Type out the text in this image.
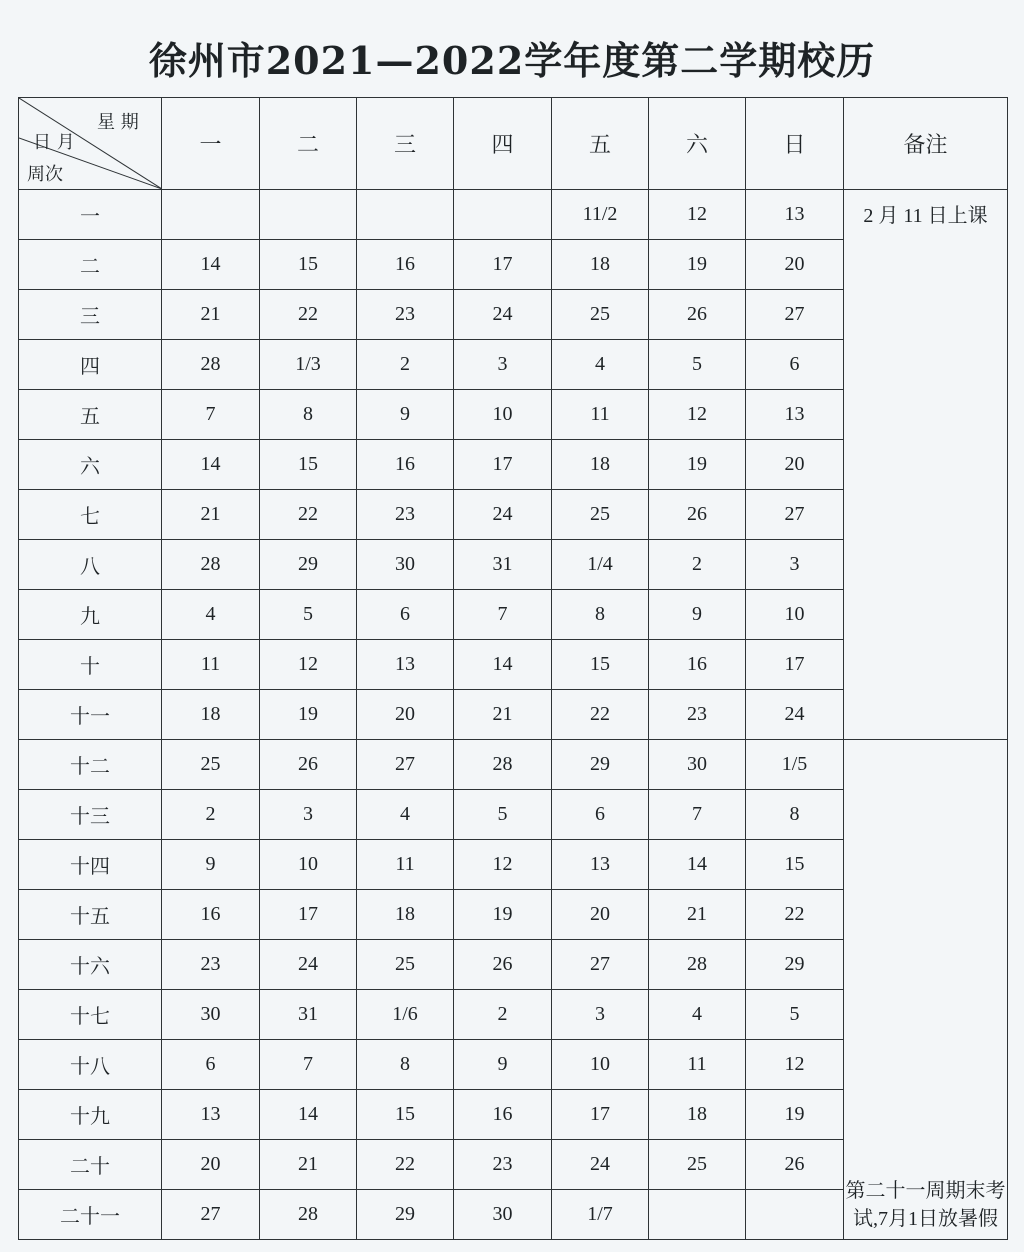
徐州市2021—2022学年度第二学期校历
星 期
日 月
周次	一	二	三	四	五	六	日	备注
一					11/2	12	13	2 月 11 日上课
二	14	15	16	17	18	19	20	
三	21	22	23	24	25	26	27	
四	28	1/3	2	3	4	5	6	
五	7	8	9	10	11	12	13	
六	14	15	16	17	18	19	20	
七	21	22	23	24	25	26	27	
八	28	29	30	31	1/4	2	3	
九	4	5	6	7	8	9	10	
十	11	12	13	14	15	16	17	
十一	18	19	20	21	22	23	24	
十二	25	26	27	28	29	30	1/5	第二十一周期末考试,7月1日放暑假
十三	2	3	4	5	6	7	8	
十四	9	10	11	12	13	14	15	
十五	16	17	18	19	20	21	22	
十六	23	24	25	26	27	28	29	
十七	30	31	1/6	2	3	4	5	
十八	6	7	8	9	10	11	12	
十九	13	14	15	16	17	18	19	
二十	20	21	22	23	24	25	26	
二十一	27	28	29	30	1/7			
